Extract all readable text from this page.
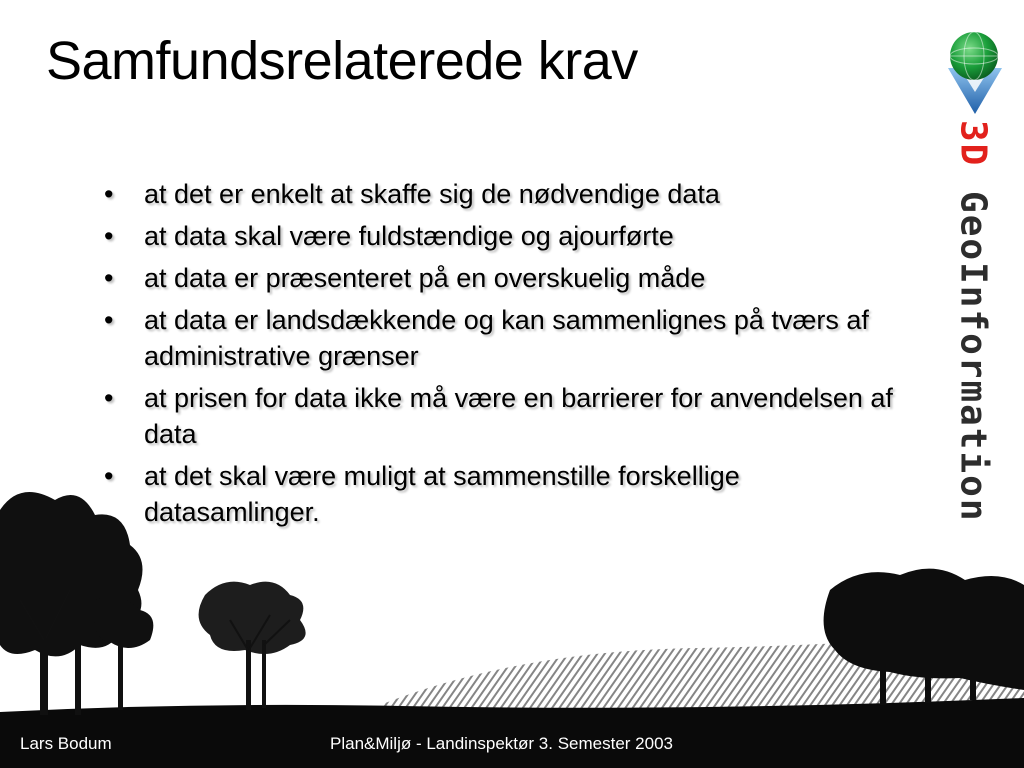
Samfundsrelaterede krav
• at det er enkelt at skaffe sig de nødvendige data
• at data skal være fuldstændige og ajourførte
• at data er præsenteret på en overskuelig måde
• at data er landsdækkende og kan sammenlignes på tværs af administrative grænser
• at prisen for data ikke må være en barrierer for anvendelsen af data
• at det skal være muligt at sammenstille forskellige datasamlinger.
3D GeoInformation
Lars Bodum	Plan&Miljø - Landinspektør 3. Semester 2003
